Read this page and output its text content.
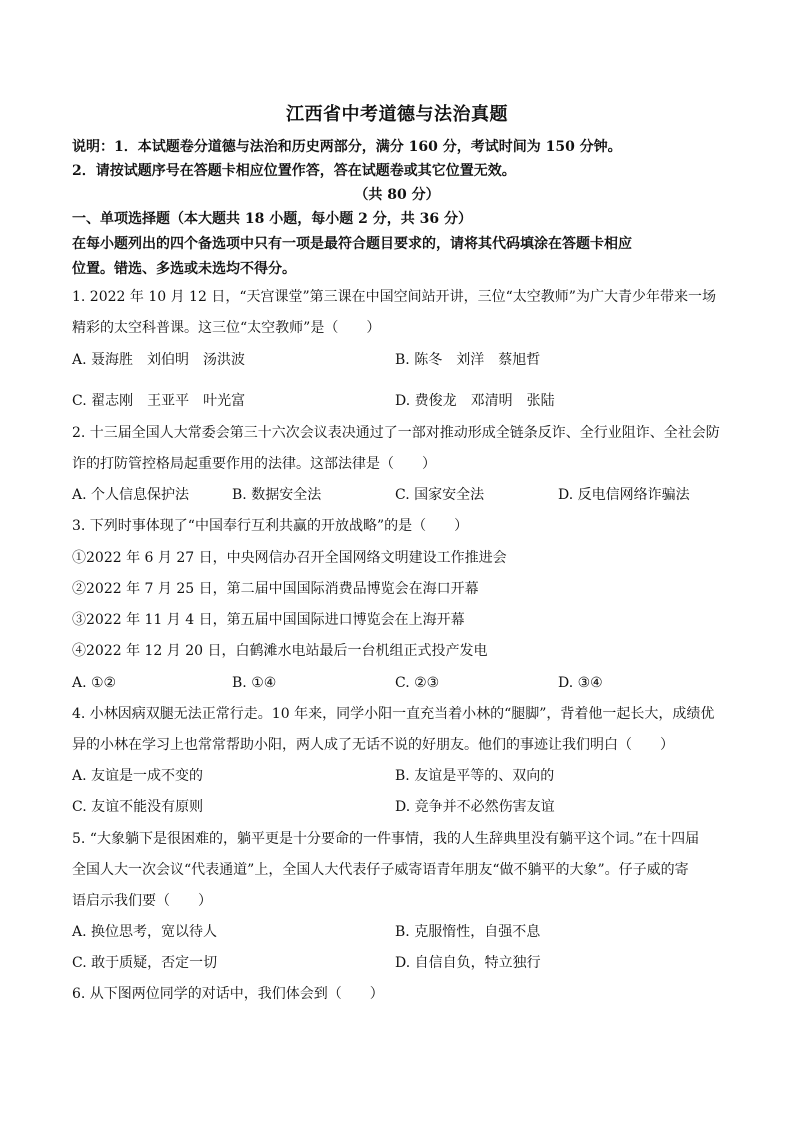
江西省中考道德与法治真题
说明：1．本试题卷分道德与法治和历史两部分，满分 160 分，考试时间为 150 分钟。
2．请按试题序号在答题卡相应位置作答，答在试题卷或其它位置无效。
（共 80 分）
一、单项选择题（本大题共 18 小题，每小题 2 分，共 36 分）
在每小题列出的四个备选项中只有一项是最符合题目要求的，请将其代码填涂在答题卡相应
位置。错选、多选或未选均不得分。
1. 2022 年 10 月 12 日，“天宫课堂”第三课在中国空间站开讲，三位“太空教师”为广大青少年带来一场
精彩的太空科普课。这三位“太空教师”是（　　）
A. 聂海胜　刘伯明　汤洪波	B. 陈冬　刘洋　蔡旭哲
C. 翟志刚　王亚平　叶光富	D. 费俊龙　邓清明　张陆
2. 十三届全国人大常委会第三十六次会议表决通过了一部对推动形成全链条反诈、全行业阻诈、全社会防
诈的打防管控格局起重要作用的法律。这部法律是（　　）
A. 个人信息保护法	B. 数据安全法	C. 国家安全法	D. 反电信网络诈骗法
3. 下列时事体现了“中国奉行互利共赢的开放战略”的是（　　）
①2022 年 6 月 27 日，中央网信办召开全国网络文明建设工作推进会
②2022 年 7 月 25 日，第二届中国国际消费品博览会在海口开幕
③2022 年 11 月 4 日，第五届中国国际进口博览会在上海开幕
④2022 年 12 月 20 日，白鹤滩水电站最后一台机组正式投产发电
A. ①②	B. ①④	C. ②③	D. ③④
4. 小林因病双腿无法正常行走。10 年来，同学小阳一直充当着小林的“腿脚”，背着他一起长大，成绩优
异的小林在学习上也常常帮助小阳，两人成了无话不说的好朋友。他们的事迹让我们明白（　　）
A. 友谊是一成不变的	B. 友谊是平等的、双向的
C. 友谊不能没有原则	D. 竞争并不必然伤害友谊
5. “大象躺下是很困难的，躺平更是十分要命的一件事情，我的人生辞典里没有躺平这个词。”在十四届
全国人大一次会议“代表通道”上，全国人大代表仔子威寄语青年朋友“做不躺平的大象”。仔子威的寄
语启示我们要（　　）
A. 换位思考，宽以待人	B. 克服惰性，自强不息
C. 敢于质疑，否定一切	D. 自信自负，特立独行
6. 从下图两位同学的对话中，我们体会到（　　）
